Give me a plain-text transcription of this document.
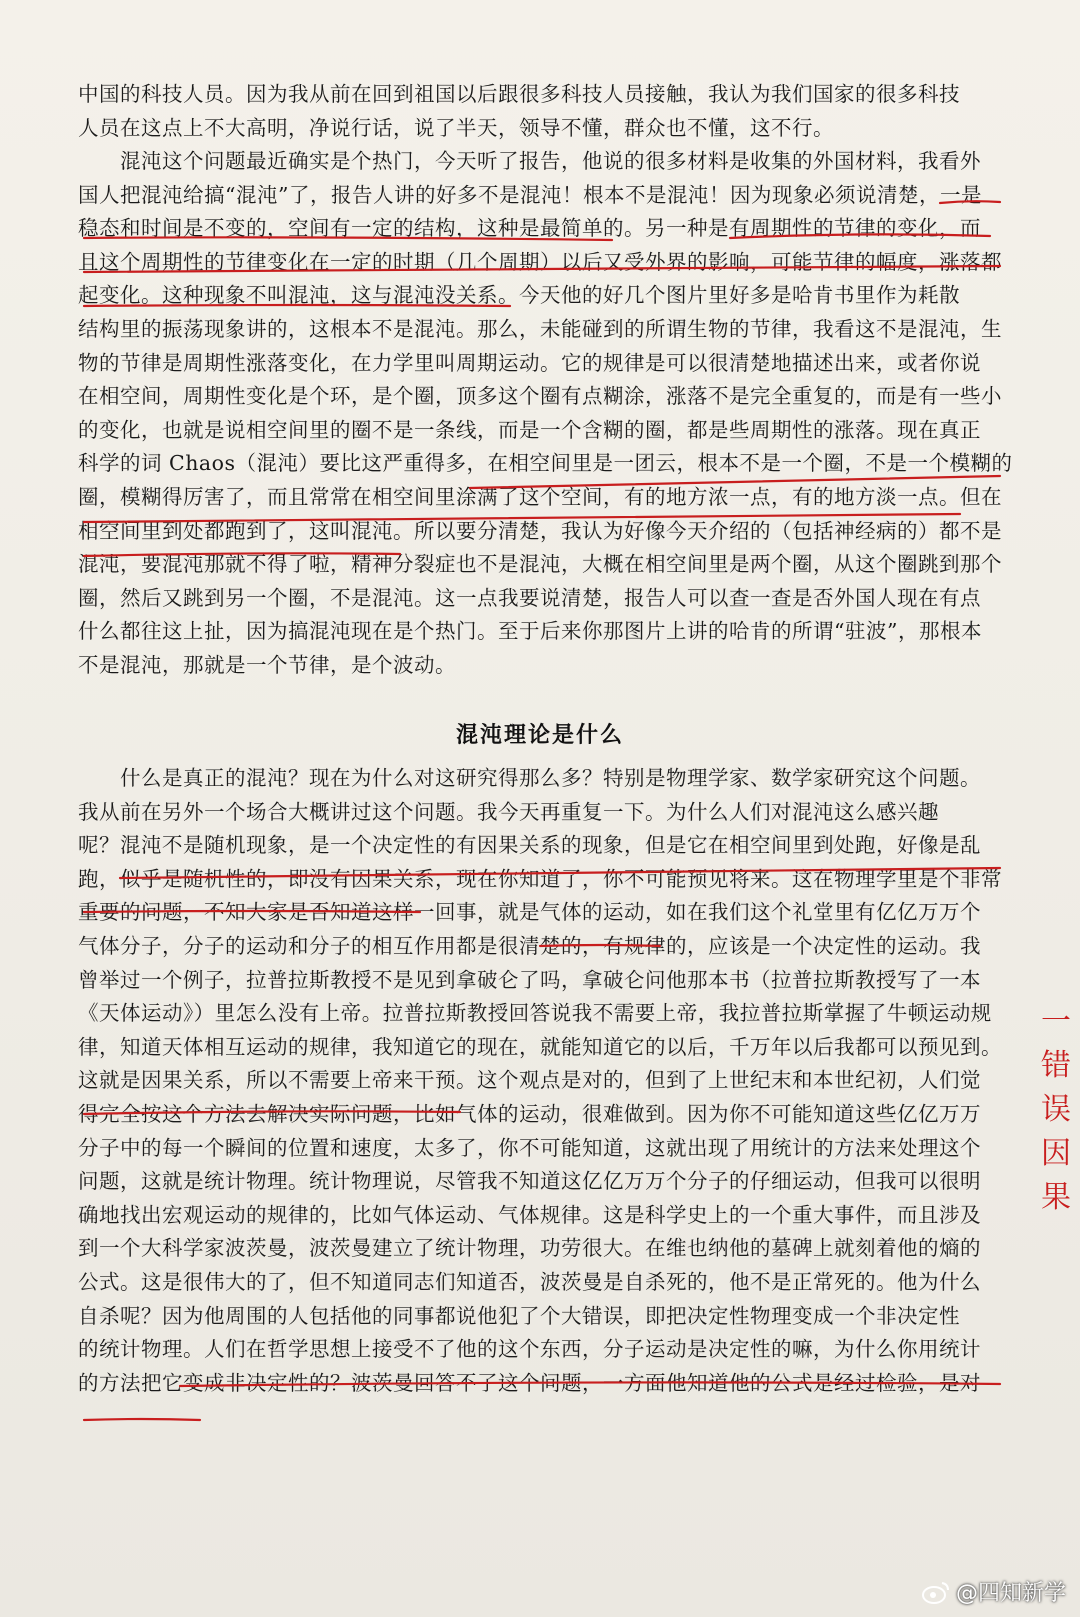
中国的科技人员。因为我从前在回到祖国以后跟很多科技人员接触，我认为我们国家的很多科技
人员在这点上不大高明，净说行话，说了半天，领导不懂，群众也不懂，这不行。
　　混沌这个问题最近确实是个热门，今天听了报告，他说的很多材料是收集的外国材料，我看外
国人把混沌给搞“混沌”了，报告人讲的好多不是混沌！根本不是混沌！因为现象必须说清楚，一是
稳态和时间是不变的，空间有一定的结构，这种是最简单的。另一种是有周期性的节律的变化，而
且这个周期性的节律变化在一定的时期（几个周期）以后又受外界的影响，可能节律的幅度，涨落都
起变化。这种现象不叫混沌，这与混沌没关系。今天他的好几个图片里好多是哈肯书里作为耗散
结构里的振荡现象讲的，这根本不是混沌。那么，未能碰到的所谓生物的节律，我看这不是混沌，生
物的节律是周期性涨落变化，在力学里叫周期运动。它的规律是可以很清楚地描述出来，或者你说
在相空间，周期性变化是个环，是个圈，顶多这个圈有点糊涂，涨落不是完全重复的，而是有一些小
的变化，也就是说相空间里的圈不是一条线，而是一个含糊的圈，都是些周期性的涨落。现在真正
科学的词 Chaos（混沌）要比这严重得多，在相空间里是一团云，根本不是一个圈，不是一个模糊的
圈，模糊得厉害了，而且常常在相空间里涂满了这个空间，有的地方浓一点，有的地方淡一点。但在
相空间里到处都跑到了，这叫混沌。所以要分清楚，我认为好像今天介绍的（包括神经病的）都不是
混沌，要混沌那就不得了啦，精神分裂症也不是混沌，大概在相空间里是两个圈，从这个圈跳到那个
圈，然后又跳到另一个圈，不是混沌。这一点我要说清楚，报告人可以查一查是否外国人现在有点
什么都往这上扯，因为搞混沌现在是个热门。至于后来你那图片上讲的哈肯的所谓“驻波”，那根本
不是混沌，那就是一个节律，是个波动。
混沌理论是什么
　　什么是真正的混沌？现在为什么对这研究得那么多？特别是物理学家、数学家研究这个问题。
我从前在另外一个场合大概讲过这个问题。我今天再重复一下。为什么人们对混沌这么感兴趣
呢？混沌不是随机现象，是一个决定性的有因果关系的现象，但是它在相空间里到处跑，好像是乱
跑，似乎是随机性的，即没有因果关系，现在你知道了，你不可能预见将来。这在物理学里是个非常
重要的问题，不知大家是否知道这样一回事，就是气体的运动，如在我们这个礼堂里有亿亿万万个
气体分子，分子的运动和分子的相互作用都是很清楚的，有规律的，应该是一个决定性的运动。我
曾举过一个例子，拉普拉斯教授不是见到拿破仑了吗，拿破仑问他那本书（拉普拉斯教授写了一本
《天体运动》）里怎么没有上帝。拉普拉斯教授回答说我不需要上帝，我拉普拉斯掌握了牛顿运动规
律，知道天体相互运动的规律，我知道它的现在，就能知道它的以后，千万年以后我都可以预见到。
这就是因果关系，所以不需要上帝来干预。这个观点是对的，但到了上世纪末和本世纪初，人们觉
得完全按这个方法去解决实际问题，比如气体的运动，很难做到。因为你不可能知道这些亿亿万万
分子中的每一个瞬间的位置和速度，太多了，你不可能知道，这就出现了用统计的方法来处理这个
问题，这就是统计物理。统计物理说，尽管我不知道这亿亿万万个分子的仔细运动，但我可以很明
确地找出宏观运动的规律的，比如气体运动、气体规律。这是科学史上的一个重大事件，而且涉及
到一个大科学家波茨曼，波茨曼建立了统计物理，功劳很大。在维也纳他的墓碑上就刻着他的熵的
公式。这是很伟大的了，但不知道同志们知道否，波茨曼是自杀死的，他不是正常死的。他为什么
自杀呢？因为他周围的人包括他的同事都说他犯了个大错误，即把决定性物理变成一个非决定性
的统计物理。人们在哲学思想上接受不了他的这个东西，分子运动是决定性的嘛，为什么你用统计
的方法把它变成非决定性的？波茨曼回答不了这个问题，一方面他知道他的公式是经过检验，是对
一
错
误
因
果
@四知新学
